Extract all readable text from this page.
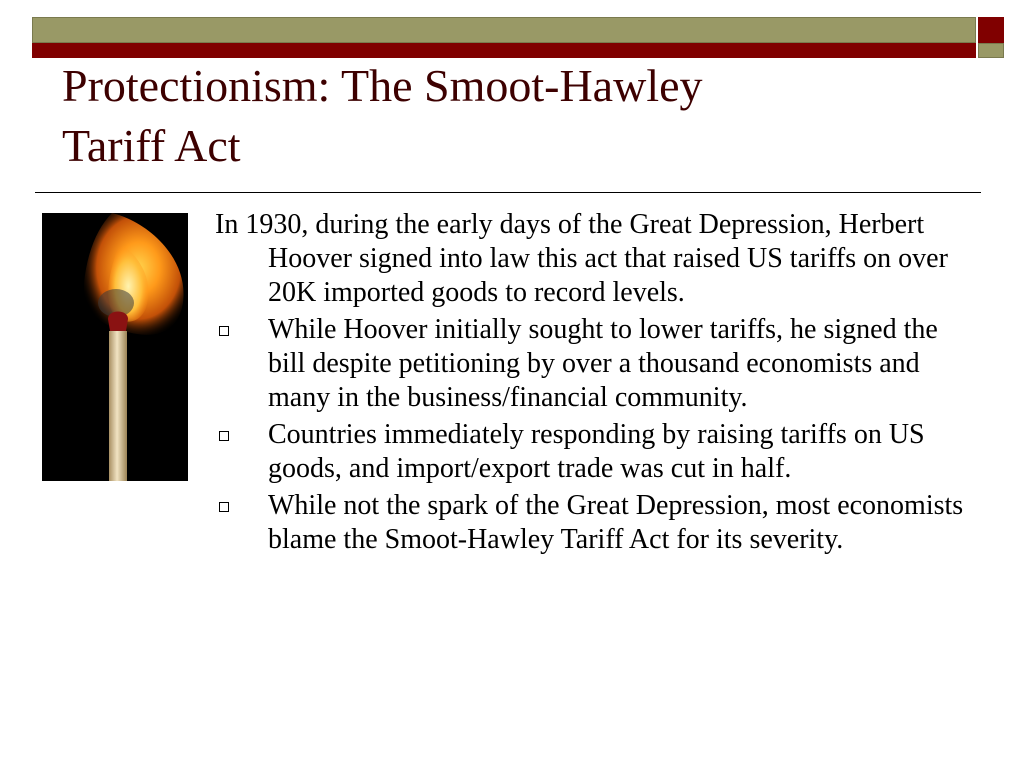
Protectionism: The Smoot-Hawley
Tariff Act

In 1930, during the early days of the Great Depression, Herbert Hoover signed into law this act that raised US tariffs on over 20K imported goods to record levels.

While Hoover initially sought to lower tariffs, he signed the bill despite petitioning by over a thousand economists and many in the business/financial community.
Countries immediately responding by raising tariffs on US goods, and import/export trade was cut in half.
While not the spark of the Great Depression, most economists blame the Smoot-Hawley Tariff Act for its severity.
